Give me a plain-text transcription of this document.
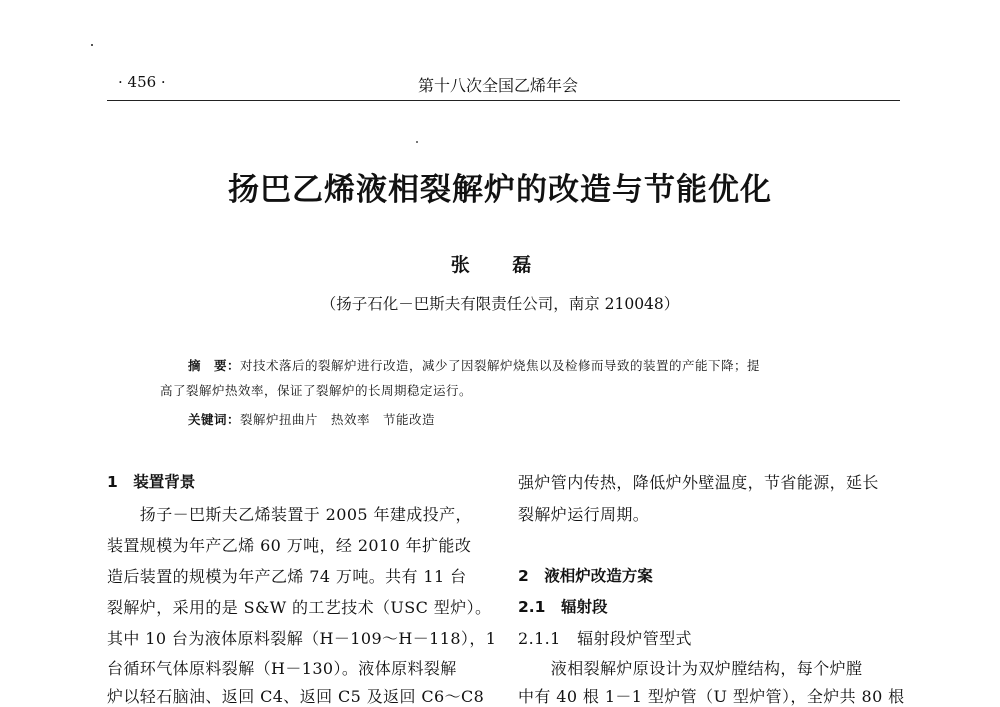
· 456 ·	第十八次全国乙烯年会
扬巴乙烯液相裂解炉的改造与节能优化
张 磊
（扬子石化－巴斯夫有限责任公司，南京 210048）
摘　要：对技术落后的裂解炉进行改造，减少了因裂解炉烧焦以及检修而导致的装置的产能下降；提
高了裂解炉热效率，保证了裂解炉的长周期稳定运行。
关键词：裂解炉扭曲片　热效率　节能改造
1　装置背景
　　扬子－巴斯夫乙烯装置于 2005 年建成投产，
装置规模为年产乙烯 60 万吨，经 2010 年扩能改
造后装置的规模为年产乙烯 74 万吨。共有 11 台
裂解炉，采用的是 S&W 的工艺技术（USC 型炉）。
其中 10 台为液体原料裂解（H－109～H－118），1
台循环气体原料裂解（H－130）。液体原料裂解
炉以轻石脑油、返回 C4、返回 C5 及返回 C6～C8
强炉管内传热，降低炉外壁温度，节省能源，延长
裂解炉运行周期。
2　液相炉改造方案
2.1　辐射段
2.1.1　辐射段炉管型式
　　液相裂解炉原设计为双炉膛结构，每个炉膛
中有 40 根 1－1 型炉管（U 型炉管），全炉共 80 根
